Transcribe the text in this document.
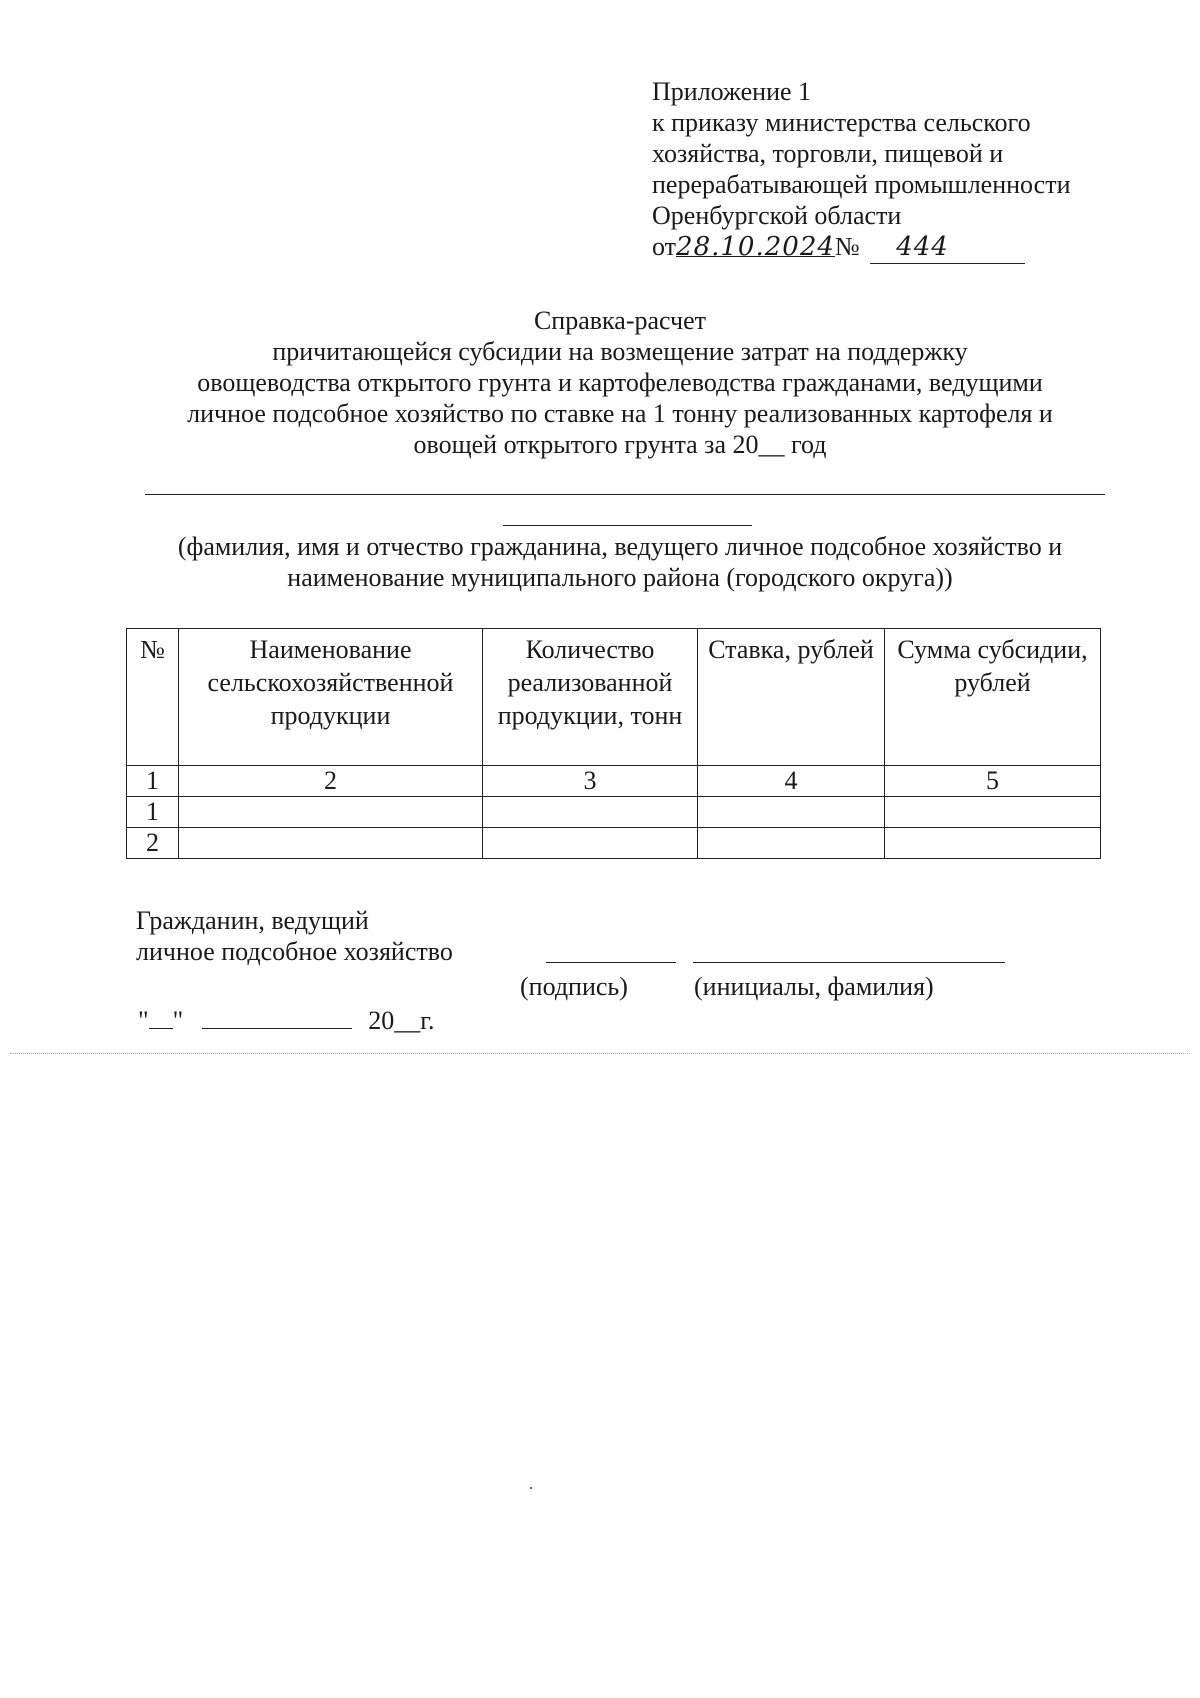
Приложение 1
к приказу министерства сельского
хозяйства, торговли, пищевой и
перерабатывающей промышленности
Оренбургской области
от28.10.2024№ 444
Справка-расчет
причитающейся субсидии на возмещение затрат на поддержку
овощеводства открытого грунта и картофелеводства гражданами, ведущими
личное подсобное хозяйство по ставке на 1 тонну реализованных картофеля и
овощей открытого грунта за 20__ год
(фамилия, имя и отчество гражданина, ведущего личное подсобное хозяйство и
наименование муниципального района (городского округа))
№	Наименование сельскохозяйственной продукции	Количество реализованной продукции, тонн	Ставка, рублей	Сумма субсидии, рублей
1	2	3	4	5
1				
2				
Гражданин, ведущий
личное подсобное хозяйство
(подпись)	(инициалы, фамилия)
" "	20__г.
